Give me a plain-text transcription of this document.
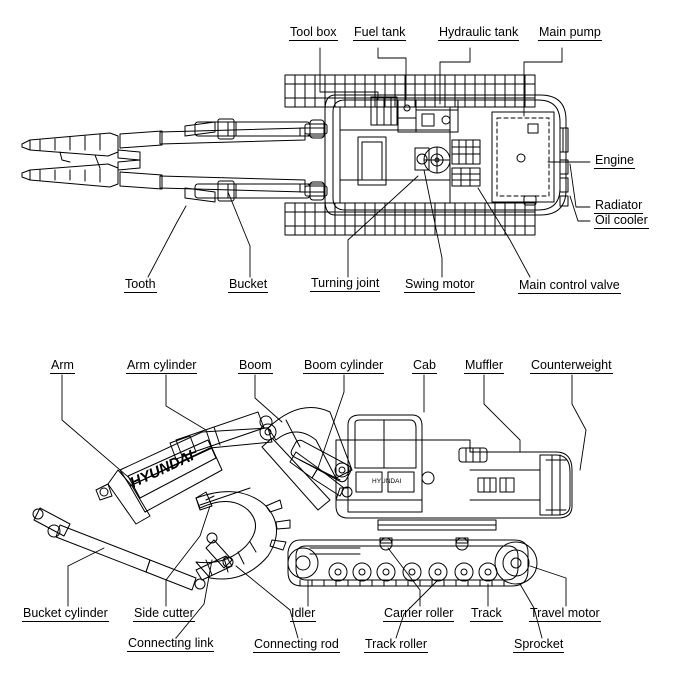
HYUNDAI	HYUNDAI
Tool box Fuel tank	Hydraulic tank Main pump
Engine
Radiator
Oil cooler
Tooth	Bucket	Turning joint Swing motor	Main control valve
Arm	Arm cylinder	Boom	Boom cylinder Cab Muffler Counterweight
Bucket cylinder Side cutter
Connecting link	Connecting rod
Idler	Carrier roller
Track roller
Track Travel motor
Sprocket
